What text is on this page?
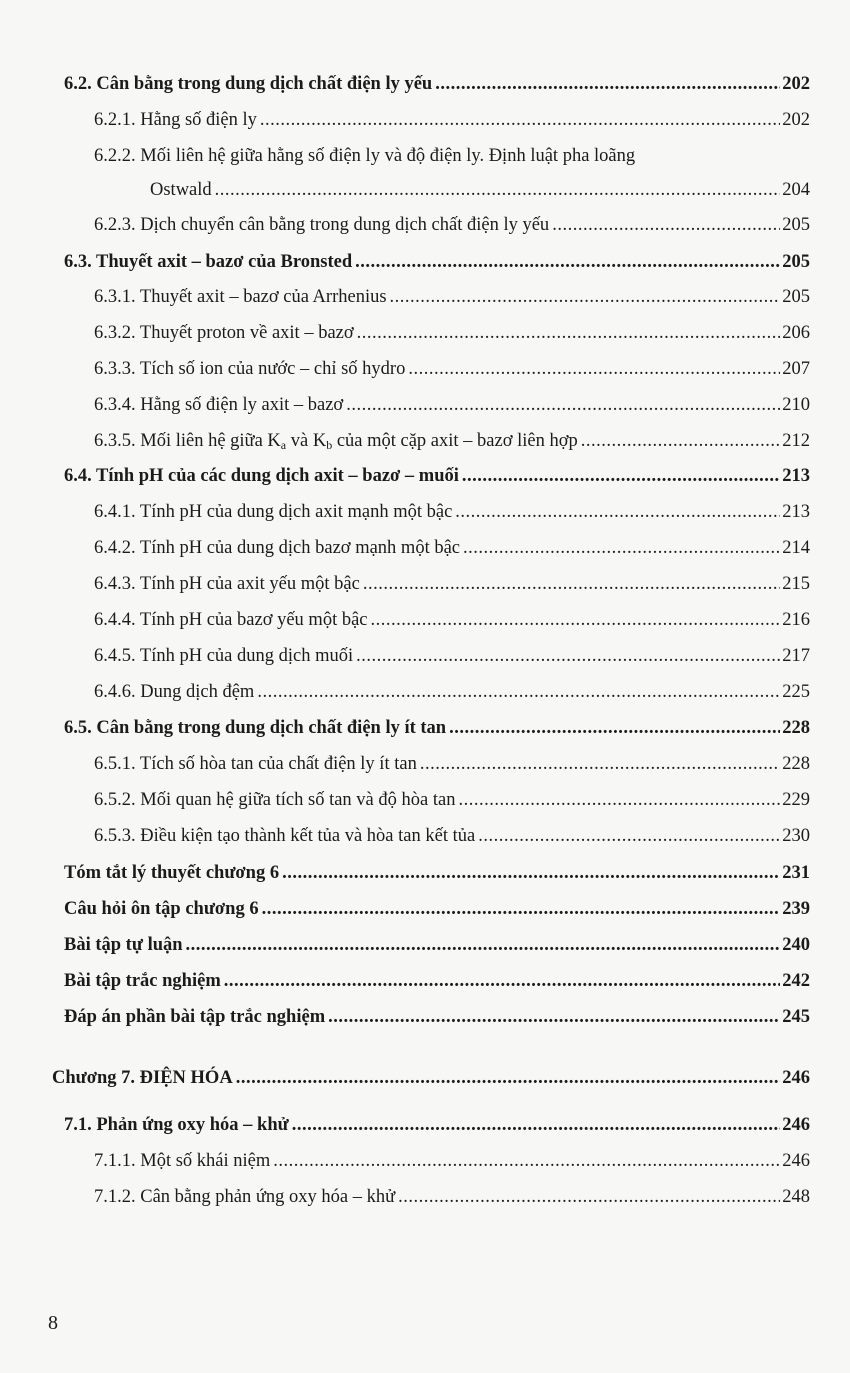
6.2. Cân bằng trong dung dịch chất điện ly yếu .....	202
6.2.1. Hằng số điện ly .....	202
6.2.2. Mối liên hệ giữa hằng số điện ly và độ điện ly. Định luật pha loãng
Ostwald .....	204
6.2.3. Dịch chuyển cân bằng trong dung dịch chất điện ly yếu .....	205
6.3. Thuyết axit – bazơ của Bronsted .....	205
6.3.1. Thuyết axit – bazơ của Arrhenius .....	205
6.3.2. Thuyết proton về axit – bazơ .....	206
6.3.3. Tích số ion của nước – chỉ số hydro .....	207
6.3.4. Hằng số điện ly axit – bazơ .....	210
6.3.5. Mối liên hệ giữa $K_a$ và $K_b$ của một cặp axit – bazơ liên hợp .....	212
6.4. Tính pH của các dung dịch axit – bazơ – muối .....	213
6.4.1. Tính pH của dung dịch axit mạnh một bậc .....	213
6.4.2. Tính pH của dung dịch bazơ mạnh một bậc .....	214
6.4.3. Tính pH của axit yếu một bậc .....	215
6.4.4. Tính pH của bazơ yếu một bậc .....	216
6.4.5. Tính pH của dung dịch muối .....	217
6.4.6. Dung dịch đệm .....	225
6.5. Cân bằng trong dung dịch chất điện ly ít tan .....	228
6.5.1. Tích số hòa tan của chất điện ly ít tan .....	228
6.5.2. Mối quan hệ giữa tích số tan và độ hòa tan .....	229
6.5.3. Điều kiện tạo thành kết tủa và hòa tan kết tủa .....	230
Tóm tắt lý thuyết chương 6 .....	231
Câu hỏi ôn tập chương 6 .....	239
Bài tập tự luận .....	240
Bài tập trắc nghiệm .....	242
Đáp án phần bài tập trắc nghiệm .....	245
Chương 7. ĐIỆN HÓA .....	246
7.1. Phản ứng oxy hóa – khử .....	246
7.1.1. Một số khái niệm .....	246
7.1.2. Cân bằng phản ứng oxy hóa – khử .....	248
8
